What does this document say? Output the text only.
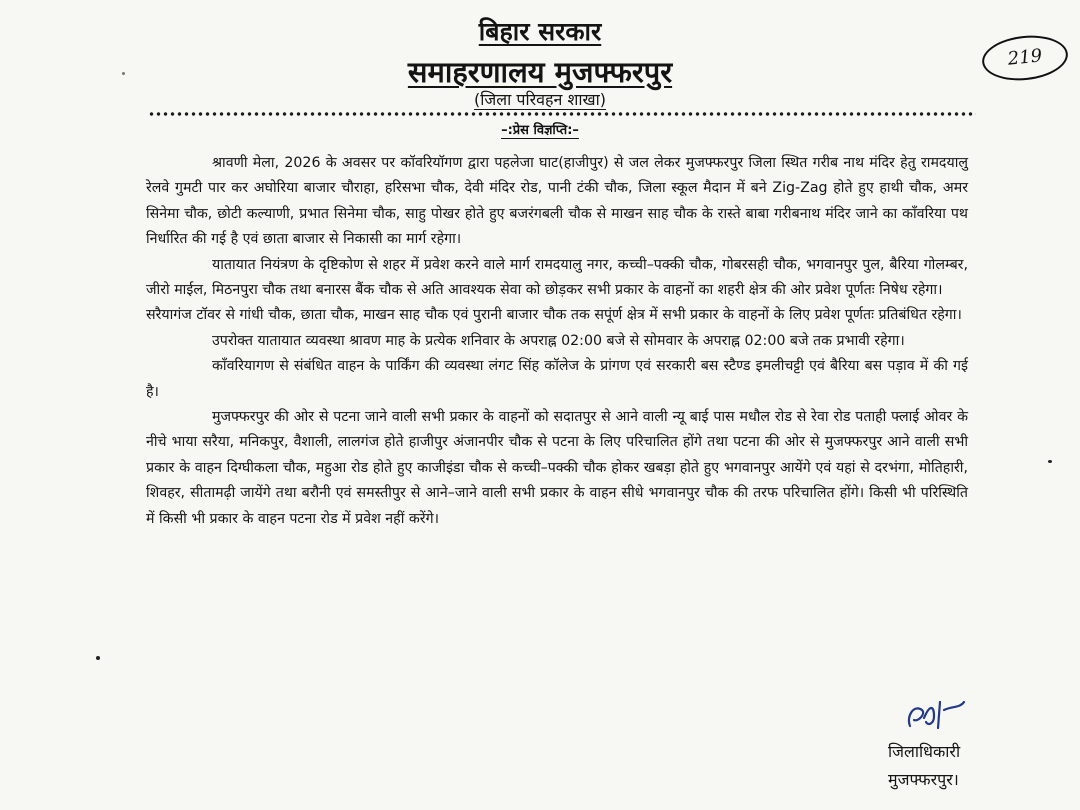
बिहार सरकार
समाहरणालय मुजफ्फरपुर
(जिला परिवहन शाखा)
–:प्रेस विज्ञप्ति:–
219

श्रावणी मेला, 2026 के अवसर पर कॉवरियॉगण द्वारा पहलेजा घाट(हाजीपुर) से जल लेकर मुजफ्फरपुर जिला स्थित गरीब नाथ मंदिर हेतु रामदयालु रेलवे गुमटी पार कर अघोरिया बाजार चौराहा, हरिसभा चौक, देवी मंदिर रोड, पानी टंकी चौक, जिला स्कूल मैदान में बने Zig-Zag होते हुए हाथी चौक, अमर सिनेमा चौक, छोटी कल्याणी, प्रभात सिनेमा चौक, साहु पोखर होते हुए बजरंगबली चौक से माखन साह चौक के रास्ते बाबा गरीबनाथ मंदिर जाने का कॉंवरिया पथ निर्धारित की गई है एवं छाता बाजार से निकासी का मार्ग रहेगा।

यातायात नियंत्रण के दृष्टिकोण से शहर में प्रवेश करने वाले मार्ग रामदयालु नगर, कच्ची–पक्की चौक, गोबरसही चौक, भगवानपुर पुल, बैरिया गोलम्बर, जीरो माईल, मिठनपुरा चौक तथा बनारस बैंक चौक से अति आवश्यक सेवा को छोड़कर सभी प्रकार के वाहनों का शहरी क्षेत्र की ओर प्रवेश पूर्णतः निषेध रहेगा।

सरैयागंज टॉवर से गांधी चौक, छाता चौक, माखन साह चौक एवं पुरानी बाजार चौक तक सपूंर्ण क्षेत्र में सभी प्रकार के वाहनों के लिए प्रवेश पूर्णतः प्रतिबंधित रहेगा।

उपरोक्त यातायात व्यवस्था श्रावण माह के प्रत्येक शनिवार के अपराह्न 02:00 बजे से सोमवार के अपराह्न 02:00 बजे तक प्रभावी रहेगा।

कॉंवरियागण से संबंधित वाहन के पार्किंग की व्यवस्था लंगट सिंह कॉलेज के प्रांगण एवं सरकारी बस स्टैण्ड इमलीचट्टी एवं बैरिया बस पड़ाव में की गई है।

मुजफ्फरपुर की ओर से पटना जाने वाली सभी प्रकार के वाहनों को सदातपुर से आने वाली न्यू बाई पास मधौल रोड से रेवा रोड पताही फ्लाई ओवर के नीचे भाया सरैया, मनिकपुर, वैशाली, लालगंज होते हाजीपुर अंजानपीर चौक से पटना के लिए परिचालित होंगे तथा पटना की ओर से मुजफ्फरपुर आने वाली सभी प्रकार के वाहन दिग्घीकला चौक, महुआ रोड होते हुए काजीइंडा चौक से कच्ची–पक्की चौक होकर खबड़ा होते हुए भगवानपुर आयेंगे एवं यहां से दरभंगा, मोतिहारी, शिवहर, सीतामढ़ी जायेंगे तथा बरौनी एवं समस्तीपुर से आने–जाने वाली सभी प्रकार के वाहन सीधे भगवानपुर चौक की तरफ परिचालित होंगे। किसी भी परिस्थिति में किसी भी प्रकार के वाहन पटना रोड में प्रवेश नहीं करेंगे।

जिलाधिकारी
मुजफ्फरपुर।
